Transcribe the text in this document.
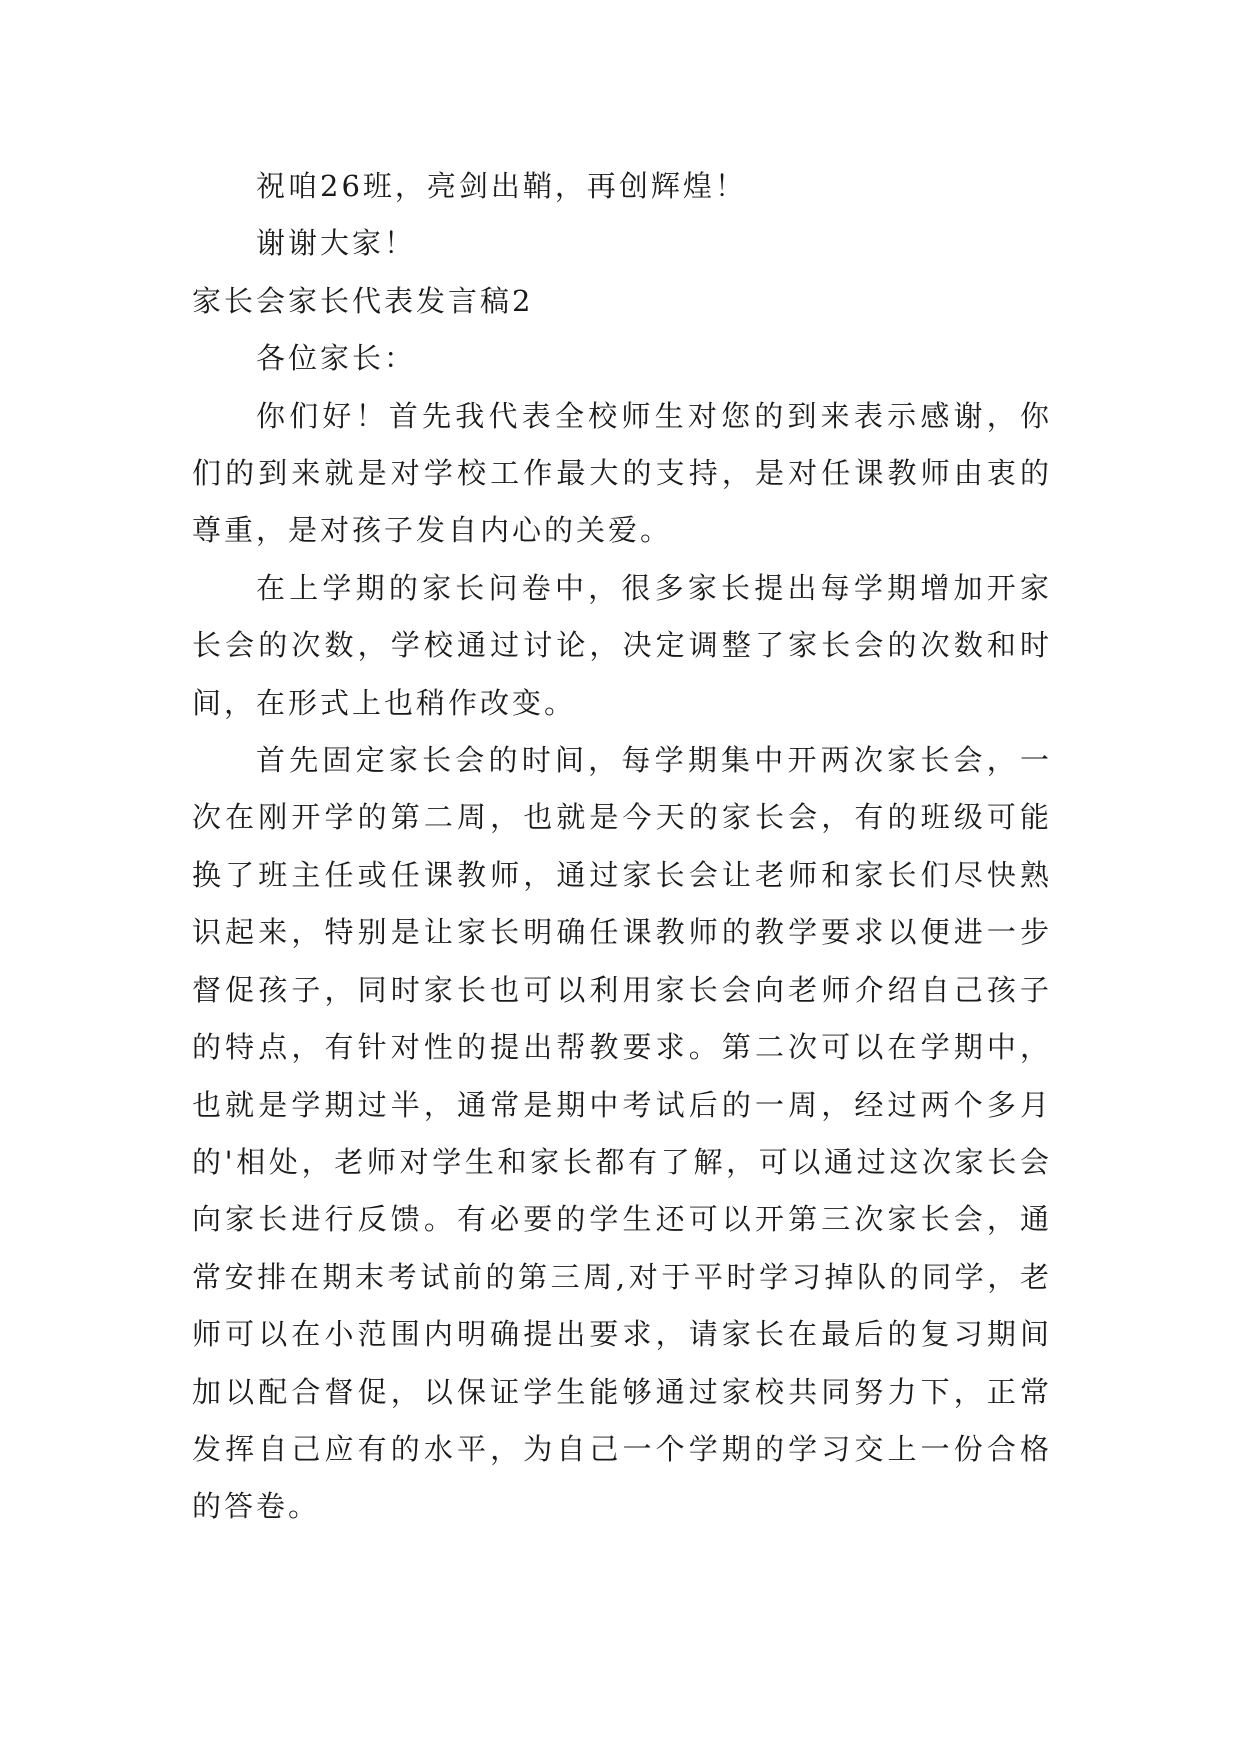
祝咱26班，亮剑出鞘，再创辉煌！

谢谢大家！

家长会家长代表发言稿2

各位家长：

你们好！首先我代表全校师生对您的到来表示感谢，你们的到来就是对学校工作最大的支持，是对任课教师由衷的尊重，是对孩子发自内心的关爱。

在上学期的家长问卷中，很多家长提出每学期增加开家长会的次数，学校通过讨论，决定调整了家长会的次数和时间，在形式上也稍作改变。

首先固定家长会的时间，每学期集中开两次家长会，一次在刚开学的第二周，也就是今天的家长会，有的班级可能换了班主任或任课教师，通过家长会让老师和家长们尽快熟识起来，特别是让家长明确任课教师的教学要求以便进一步督促孩子，同时家长也可以利用家长会向老师介绍自己孩子的特点，有针对性的提出帮教要求。第二次可以在学期中，也就是学期过半，通常是期中考试后的一周，经过两个多月的'相处，老师对学生和家长都有了解，可以通过这次家长会向家长进行反馈。有必要的学生还可以开第三次家长会，通常安排在期末考试前的第三周,对于平时学习掉队的同学，老师可以在小范围内明确提出要求，请家长在最后的复习期间加以配合督促，以保证学生能够通过家校共同努力下，正常发挥自己应有的水平，为自己一个学期的学习交上一份合格的答卷。
